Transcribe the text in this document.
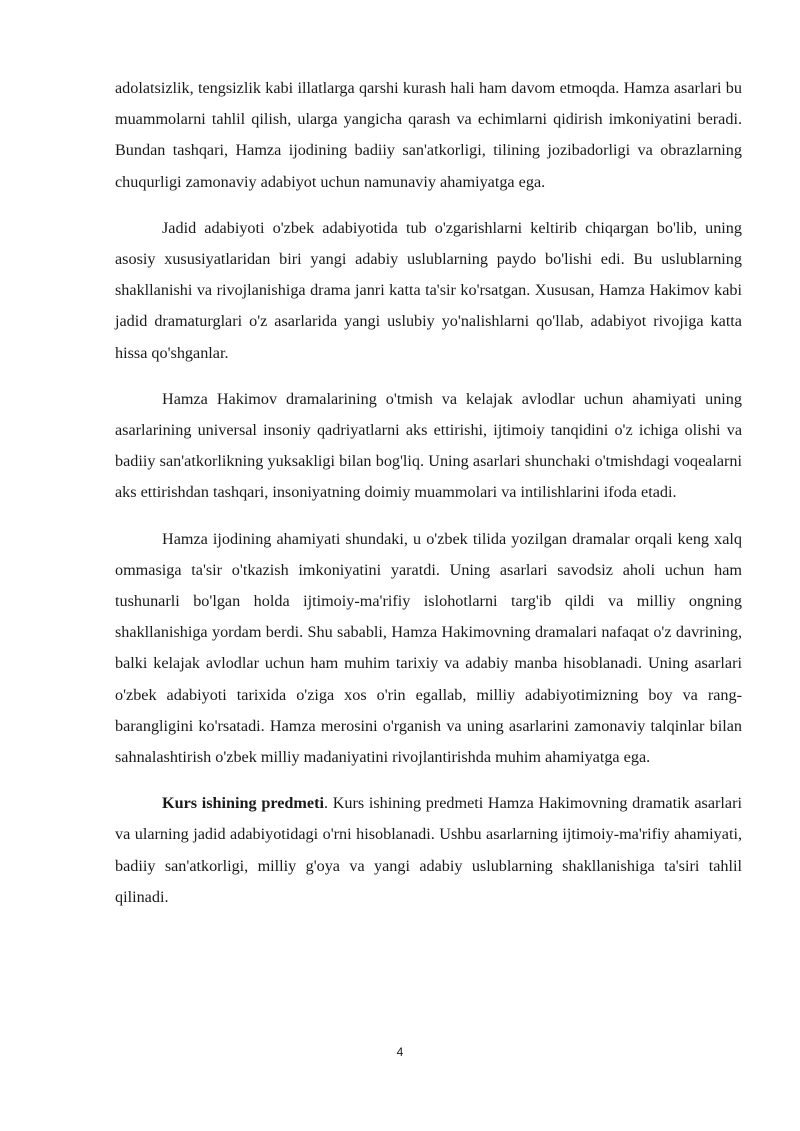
adolatsizlik, tengsizlik kabi illatlarga qarshi kurash hali ham davom etmoqda. Hamza asarlari bu muammolarni tahlil qilish, ularga yangicha qarash va echimlarni qidirish imkoniyatini beradi. Bundan tashqari, Hamza ijodining badiiy san'atkorligi, tilining jozibadorligi va obrazlarning chuqurligi zamonaviy adabiyot uchun namunaviy ahamiyatga ega.

Jadid adabiyoti o'zbek adabiyotida tub o'zgarishlarni keltirib chiqargan bo'lib, uning asosiy xususiyatlaridan biri yangi adabiy uslublarning paydo bo'lishi edi. Bu uslublarning shakllanishi va rivojlanishiga drama janri katta ta'sir ko'rsatgan. Xususan, Hamza Hakimov kabi jadid dramaturglari o'z asarlarida yangi uslubiy yo'nalishlarni qo'llab, adabiyot rivojiga katta hissa qo'shganlar.

Hamza Hakimov dramalarining o'tmish va kelajak avlodlar uchun ahamiyati uning asarlarining universal insoniy qadriyatlarni aks ettirishi, ijtimoiy tanqidini o'z ichiga olishi va badiiy san'atkorlikning yuksakligi bilan bog'liq. Uning asarlari shunchaki o'tmishdagi voqealarni aks ettirishdan tashqari, insoniyatning doimiy muammolari va intilishlarini ifoda etadi.

Hamza ijodining ahamiyati shundaki, u o'zbek tilida yozilgan dramalar orqali keng xalq ommasiga ta'sir o'tkazish imkoniyatini yaratdi. Uning asarlari savodsiz aholi uchun ham tushunarli bo'lgan holda ijtimoiy-ma'rifiy islohotlarni targ'ib qildi va milliy ongning shakllanishiga yordam berdi. Shu sababli, Hamza Hakimovning dramalari nafaqat o'z davrining, balki kelajak avlodlar uchun ham muhim tarixiy va adabiy manba hisoblanadi. Uning asarlari o'zbek adabiyoti tarixida o'ziga xos o'rin egallab, milliy adabiyotimizning boy va rang-barangligini ko'rsatadi. Hamza merosini o'rganish va uning asarlarini zamonaviy talqinlar bilan sahnalashtirish o'zbek milliy madaniyatini rivojlantirishda muhim ahamiyatga ega.

Kurs ishining predmeti. Kurs ishining predmeti Hamza Hakimovning dramatik asarlari va ularning jadid adabiyotidagi o'rni hisoblanadi. Ushbu asarlarning ijtimoiy-ma'rifiy ahamiyati, badiiy san'atkorligi, milliy g'oya va yangi adabiy uslublarning shakllanishiga ta'siri tahlil qilinadi.

4
